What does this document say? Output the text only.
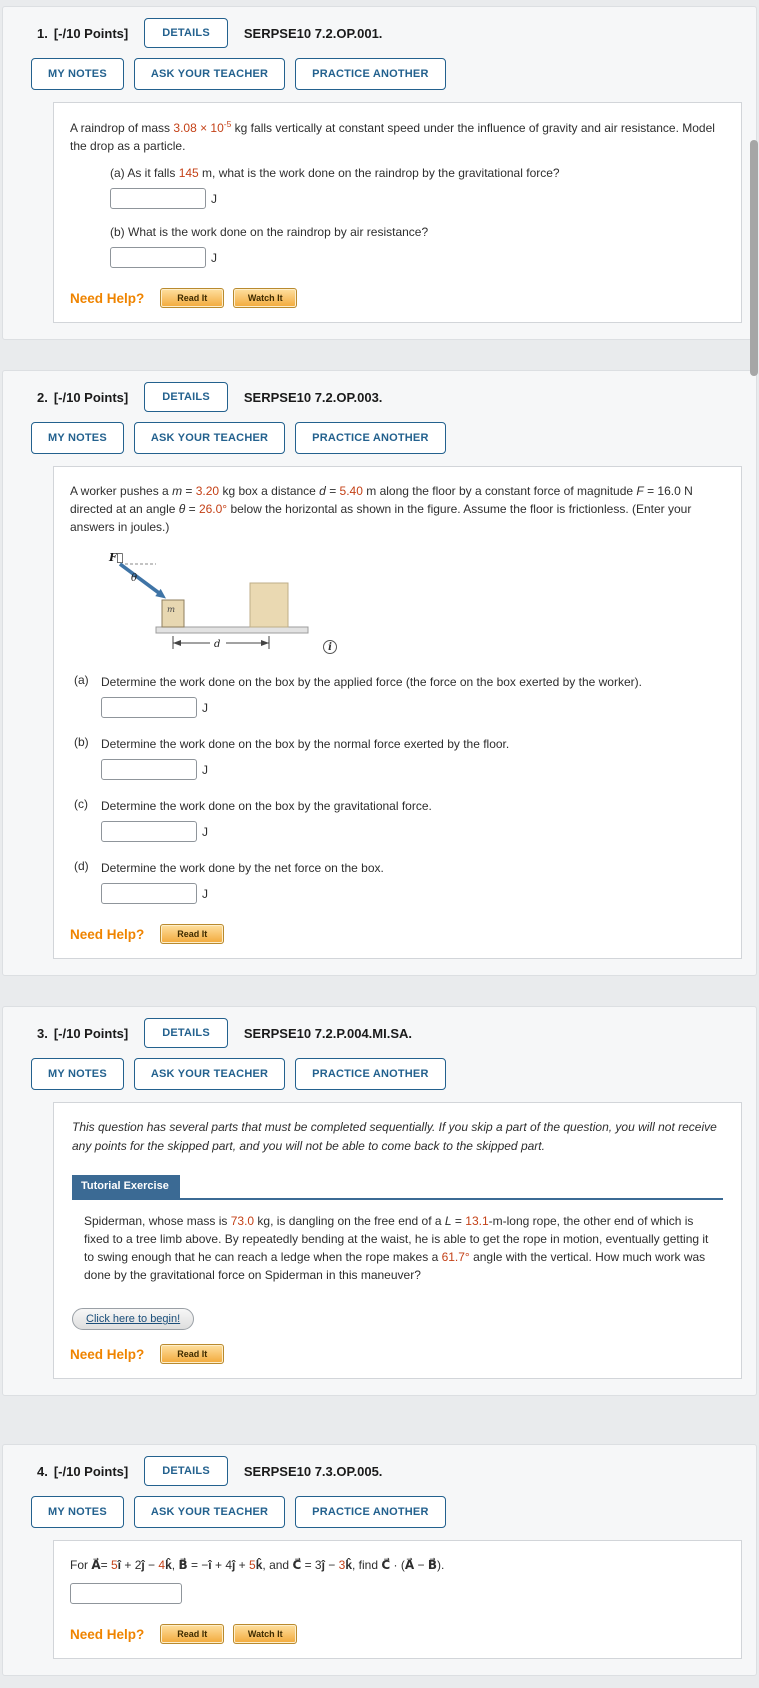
1. [-/10 Points]	DETAILS	SERPSE10 7.2.OP.001.
MY NOTES	ASK YOUR TEACHER	PRACTICE ANOTHER

A raindrop of mass $3.08 \times 10^{-5}$ kg falls vertically at constant speed under the influence of gravity and air resistance. Model the drop as a particle.

(a) As it falls 145 m, what is the work done on the raindrop by the gravitational force?

J

(b) What is the work done on the raindrop by air resistance?

J
Need Help?	Read It	Watch It
2. [-/10 Points]	DETAILS	SERPSE10 7.2.OP.003.
MY NOTES	ASK YOUR TEACHER	PRACTICE ANOTHER

A worker pushes a m = 3.20 kg box a distance d = 5.40 m along the floor by a constant force of magnitude F = 16.0 N directed at an angle θ = 26.0° below the horizontal as shown in the figure. Assume the floor is frictionless. (Enter your answers in joules.)

F⃗
θ
m
d	i
(a)	Determine the work done on the box by the applied force (the force on the box exerted by the worker).
J
(b)	Determine the work done on the box by the normal force exerted by the floor.
J
(c)	Determine the work done on the box by the gravitational force.
J
(d)	Determine the work done by the net force on the box.
J
Need Help?	Read It
3. [-/10 Points]	DETAILS	SERPSE10 7.2.P.004.MI.SA.
MY NOTES	ASK YOUR TEACHER	PRACTICE ANOTHER

This question has several parts that must be completed sequentially. If you skip a part of the question, you will not receive any points for the skipped part, and you will not be able to come back to the skipped part.

Tutorial Exercise

Spiderman, whose mass is 73.0 kg, is dangling on the free end of a L = 13.1-m-long rope, the other end of which is fixed to a tree limb above. By repeatedly bending at the waist, he is able to get the rope in motion, eventually getting it to swing enough that he can reach a ledge when the rope makes a 61.7° angle with the vertical. How much work was done by the gravitational force on Spiderman in this maneuver?

Click here to begin!
Need Help?	Read It
4. [-/10 Points]	DETAILS	SERPSE10 7.3.OP.005.
MY NOTES	ASK YOUR TEACHER	PRACTICE ANOTHER

For A⃗= 5î + 2ĵ − 4k̂, B⃗ = −î + 4ĵ + 5k̂, and C⃗ = 3ĵ − 3k̂, find C⃗ · (A⃗ − B⃗).

Need Help?	Read It	Watch It
